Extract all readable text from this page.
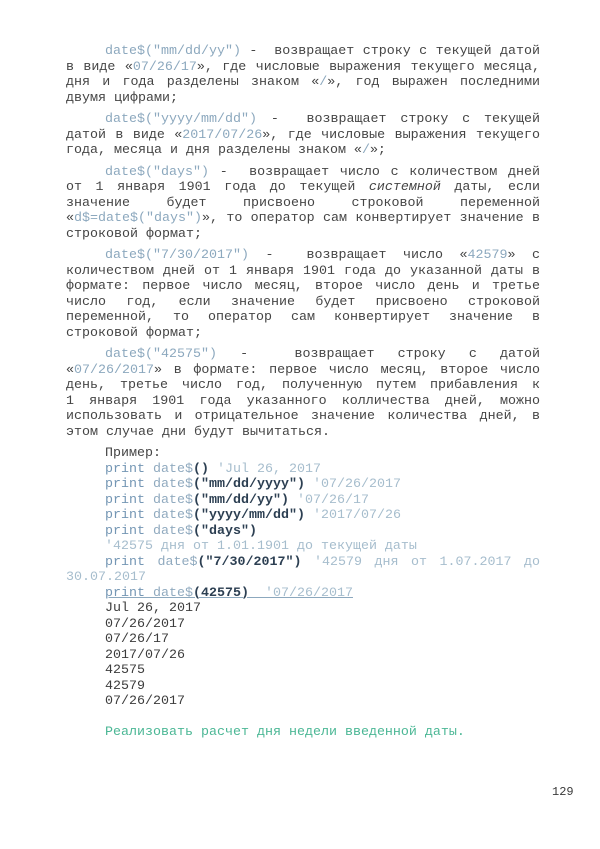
date$("mm/dd/yy") -  возвращает строку с текущей датой в виде «07/26/17», где числовые выражения текущего месяца, дня и года разделены знаком «/», год выражен последними двумя цифрами;

date$("yyyy/mm/dd") -  возвращает строку с текущей датой в виде «2017/07/26», где числовые выражения текущего года, месяца и дня разделены знаком «/»;

date$("days") -  возвращает число с количеством дней от 1 января 1901 года до текущей системной даты, если значение будет присвоено строковой переменной «d$=date$("days")», то оператор сам конвертирует значение в строковой формат;

date$("7/30/2017") -  возвращает число «42579» с количеством дней от 1 января 1901 года до указанной даты в формате: первое число месяц, второе число день и третье число год, если значение будет присвоено строковой переменной, то оператор сам конвертирует значение в строковой формат;

date$("42575") -  возвращает строку с датой «07/26/2017» в формате: первое число месяц, второе число день, третье число год, полученную путем прибавления к 1 января 1901 года указанного колличества дней, можно использовать и отрицательное значение количества дней, в этом случае дни будут вычитаться.

Пример:
print date$() 'Jul 26, 2017
print date$("mm/dd/yyyy") '07/26/2017
print date$("mm/dd/yy") '07/26/17
print date$("yyyy/mm/dd") '2017/07/26
print date$("days")
'42575 дня от 1.01.1901 до текущей даты
print date$("7/30/2017") '42579 дня от 1.07.2017 до
30.07.2017
print date$(42575) '07/26/2017
Jul 26, 2017
07/26/2017
07/26/17
2017/07/26
42575
42579
07/26/2017
Реализовать расчет дня недели введенной даты.
129
